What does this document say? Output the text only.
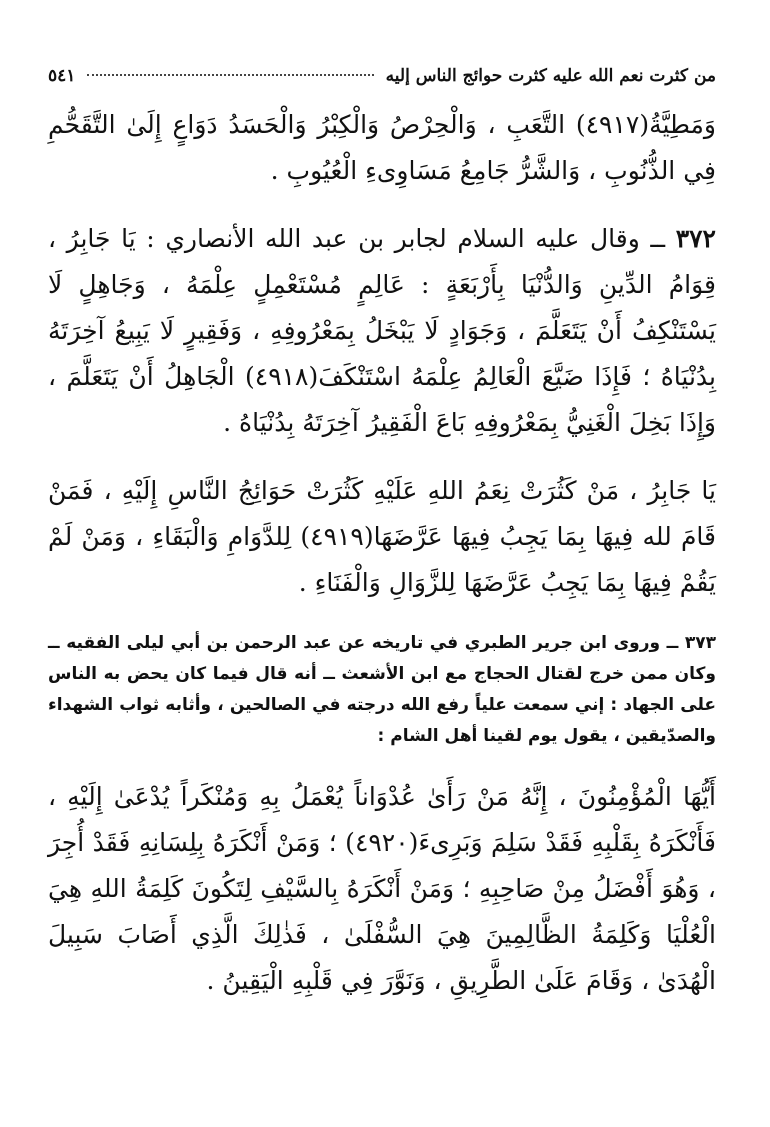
من كثرت نعم الله عليه كثرت حوائج الناس إليه
٥٤١

وَمَطِيَّةُ(٤٩١٧) التَّعَبِ ، وَالْحِرْصُ وَالْكِبْرُ وَالْحَسَدُ دَوَاعٍ إِلَىٰ التَّقَحُّمِ فِي الذُّنُوبِ ، وَالشَّرُّ جَامِعُ مَسَاوِىءِ الْعُيُوبِ .

٣٧٢ ــ وقال عليه السلام لجابر بن عبد الله الأنصاري : يَا جَابِرُ ، قِوَامُ الدِّينِ وَالدُّنْيَا بِأَرْبَعَةٍ : عَالِمٍ مُسْتَعْمِلٍ عِلْمَهُ ، وَجَاهِلٍ لَا يَسْتَنْكِفُ أَنْ يَتَعَلَّمَ ، وَجَوَادٍ لَا يَبْخَلُ بِمَعْرُوفِهِ ، وَفَقِيرٍ لَا يَبِيعُ آخِرَتَهُ بِدُنْيَاهُ ؛ فَإِذَا ضَيَّعَ الْعَالِمُ عِلْمَهُ اسْتَنْكَفَ(٤٩١٨) الْجَاهِلُ أَنْ يَتَعَلَّمَ ، وَإِذَا بَخِلَ الْغَنِيُّ بِمَعْرُوفِهِ بَاعَ الْفَقِيرُ آخِرَتَهُ بِدُنْيَاهُ .

يَا جَابِرُ ، مَنْ كَثُرَتْ نِعَمُ اللهِ عَلَيْهِ كَثُرَتْ حَوَائِجُ النَّاسِ إِلَيْهِ ، فَمَنْ قَامَ لله فِيهَا بِمَا يَجِبُ فِيهَا عَرَّضَهَا(٤٩١٩) لِلدَّوَامِ وَالْبَقَاءِ ، وَمَنْ لَمْ يَقُمْ فِيهَا بِمَا يَجِبُ عَرَّضَهَا لِلزَّوَالِ وَالْفَنَاءِ .

٣٧٣ ــ وروى ابن جرير الطبري في تاريخه عن عبد الرحمن بن أبي ليلى الفقيه ــ وكان ممن خرج لقتال الحجاج مع ابن الأشعث ــ أنه قال فيما كان يحض به الناس على الجهاد : إني سمعت علياً رفع الله درجته في الصالحين ، وأثابه ثواب الشهداء والصدّيقين ، يقول يوم لقينا أهل الشام :

أَيُّهَا الْمُؤْمِنُونَ ، إِنَّهُ مَنْ رَأَىٰ عُدْوَاناً يُعْمَلُ بِهِ وَمُنْكَراً يُدْعَىٰ إِلَيْهِ ، فَأَنْكَرَهُ بِقَلْبِهِ فَقَدْ سَلِمَ وَبَرِىءَ(٤٩٢٠) ؛ وَمَنْ أَنْكَرَهُ بِلِسَانِهِ فَقَدْ أُجِرَ ، وَهُوَ أَفْضَلُ مِنْ صَاحِبِهِ ؛ وَمَنْ أَنْكَرَهُ بِالسَّيْفِ لِتَكُونَ كَلِمَةُ اللهِ هِيَ الْعُلْيَا وَكَلِمَةُ الظَّالِمِينَ هِيَ السُّفْلَىٰ ، فَذٰلِكَ الَّذِي أَصَابَ سَبِيلَ الْهُدَىٰ ، وَقَامَ عَلَىٰ الطَّرِيقِ ، وَنَوَّرَ فِي قَلْبِهِ الْيَقِينُ .
